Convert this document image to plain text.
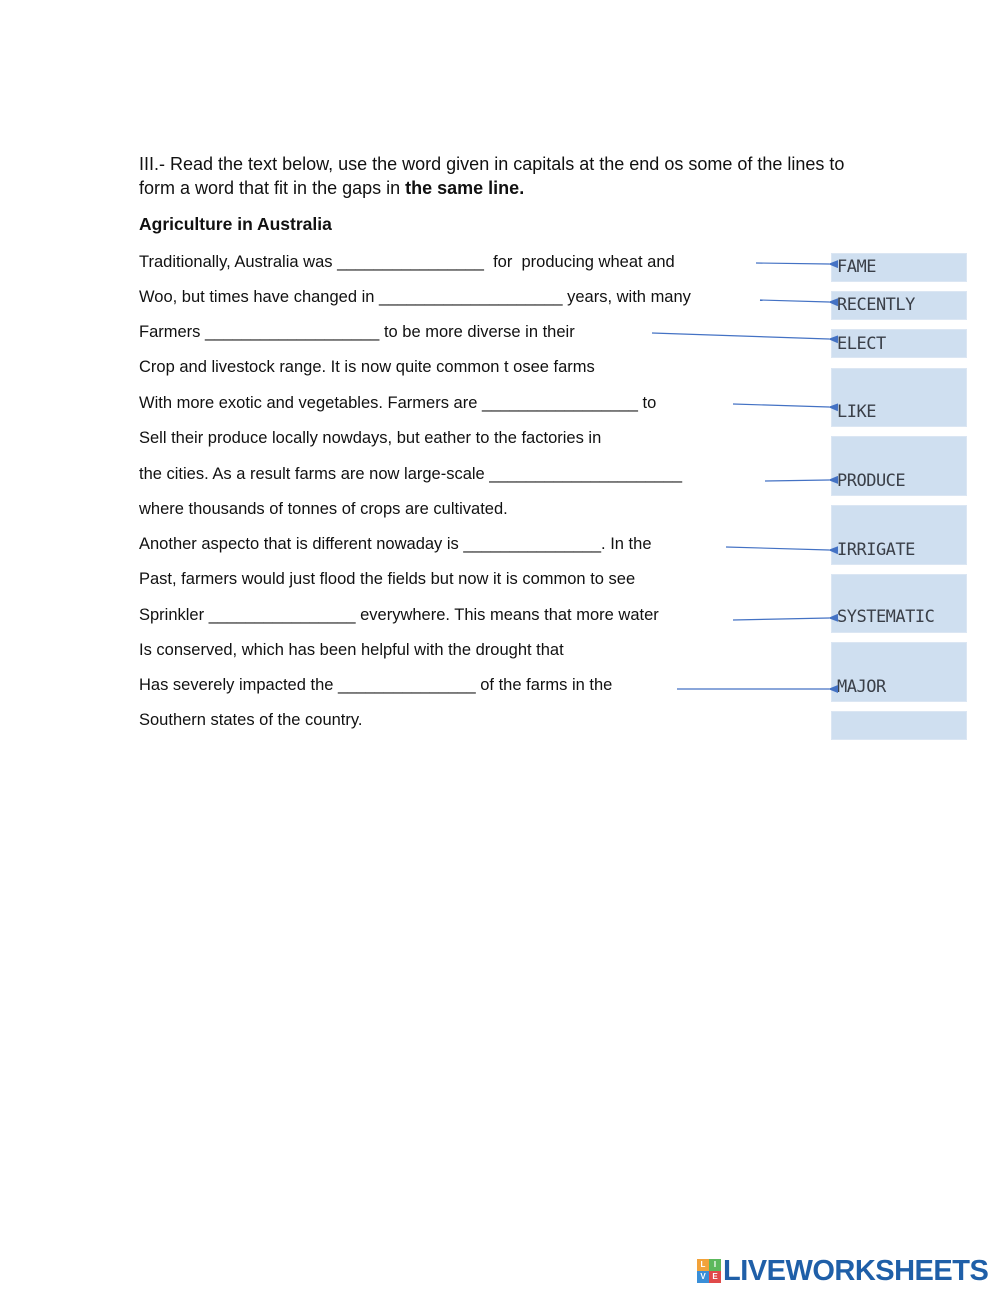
III.- Read the text below, use the word given in capitals at the end os some of the lines to form a word that fit in the gaps in the same line.
Agriculture in Australia
Traditionally, Australia was ________________  for  producing wheat and
Woo, but times have changed in ____________________ years, with many
Farmers ___________________ to be more diverse in their
Crop and livestock range. It is now quite common t osee farms
With more exotic and vegetables. Farmers are _________________ to
Sell their produce locally nowdays, but eather to the factories in
the cities. As a result farms are now large-scale _____________________
where thousands of tonnes of crops are cultivated.
Another aspecto that is different nowaday is _______________. In the
Past, farmers would just flood the fields but now it is common to see
Sprinkler ________________ everywhere. This means that more water
Is conserved, which has been helpful with the drought that
Has severely impacted the _______________ of the farms in the
Southern states of the country.
FAME
RECENTLY
ELECT
LIKE
PRODUCE
IRRIGATE
SYSTEMATIC
MAJOR
L	I
V E LIVEWORKSHEETS
